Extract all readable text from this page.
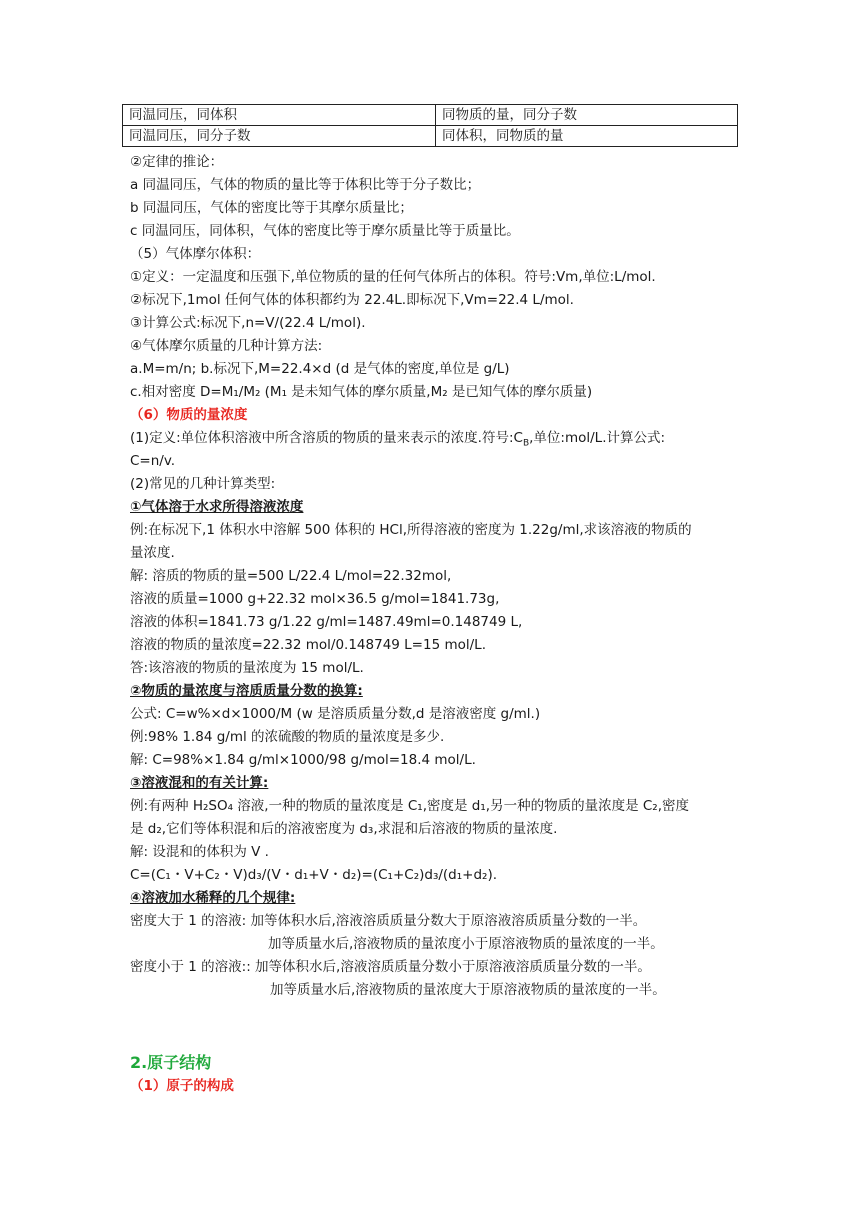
同温同压，同体积	同物质的量，同分子数
同温同压，同分子数	同体积，同物质的量
②定律的推论：
a 同温同压，气体的物质的量比等于体积比等于分子数比；
b 同温同压，气体的密度比等于其摩尔质量比；
c 同温同压，同体积，气体的密度比等于摩尔质量比等于质量比。
（5）气体摩尔体积：
①定义：一定温度和压强下,单位物质的量的任何气体所占的体积。符号:Vm,单位:L/mol.
②标况下,1mol 任何气体的体积都约为 22.4L.即标况下,Vm=22.4 L/mol.
③计算公式:标况下,n=V/(22.4 L/mol).
④气体摩尔质量的几种计算方法:
a.M=m/n; b.标况下,M=22.4×d (d 是气体的密度,单位是 g/L)
c.相对密度 D=M₁/M₂ (M₁ 是未知气体的摩尔质量,M₂ 是已知气体的摩尔质量)
（6）物质的量浓度
(1)定义:单位体积溶液中所含溶质的物质的量来表示的浓度.符号$:C_B$,单位:mol/L.计算公式:
C=n/v.
(2)常见的几种计算类型:
①气体溶于水求所得溶液浓度
例:在标况下,1 体积水中溶解 500 体积的 HCl,所得溶液的密度为 1.22g/ml,求该溶液的物质的
量浓度.
解: 溶质的物质的量=500 L/22.4 L/mol=22.32mol,
溶液的质量=1000 g+22.32 mol×36.5 g/mol=1841.73g,
溶液的体积=1841.73 g/1.22 g/ml=1487.49ml=0.148749 L,
溶液的物质的量浓度=22.32 mol/0.148749 L=15 mol/L.
答:该溶液的物质的量浓度为 15 mol/L.
②物质的量浓度与溶质质量分数的换算:
公式: C=w%×d×1000/M (w 是溶质质量分数,d 是溶液密度 g/ml.)
例:98% 1.84 g/ml 的浓硫酸的物质的量浓度是多少.
解: C=98%×1.84 g/ml×1000/98 g/mol=18.4 mol/L.
③溶液混和的有关计算:
例:有两种 H₂SO₄ 溶液,一种的物质的量浓度是 C₁,密度是 d₁,另一种的物质的量浓度是 C₂,密度
是 d₂,它们等体积混和后的溶液密度为 d₃,求混和后溶液的物质的量浓度.
解: 设混和的体积为 V .
C=(C₁・V+C₂・V)d₃/(V・d₁+V・d₂)=(C₁+C₂)d₃/(d₁+d₂).
④溶液加水稀释的几个规律:
密度大于 1 的溶液: 加等体积水后,溶液溶质质量分数大于原溶液溶质质量分数的一半。
加等质量水后,溶液物质的量浓度小于原溶液物质的量浓度的一半。
密度小于 1 的溶液:: 加等体积水后,溶液溶质质量分数小于原溶液溶质质量分数的一半。
加等质量水后,溶液物质的量浓度大于原溶液物质的量浓度的一半。
2.原子结构
（1）原子的构成
